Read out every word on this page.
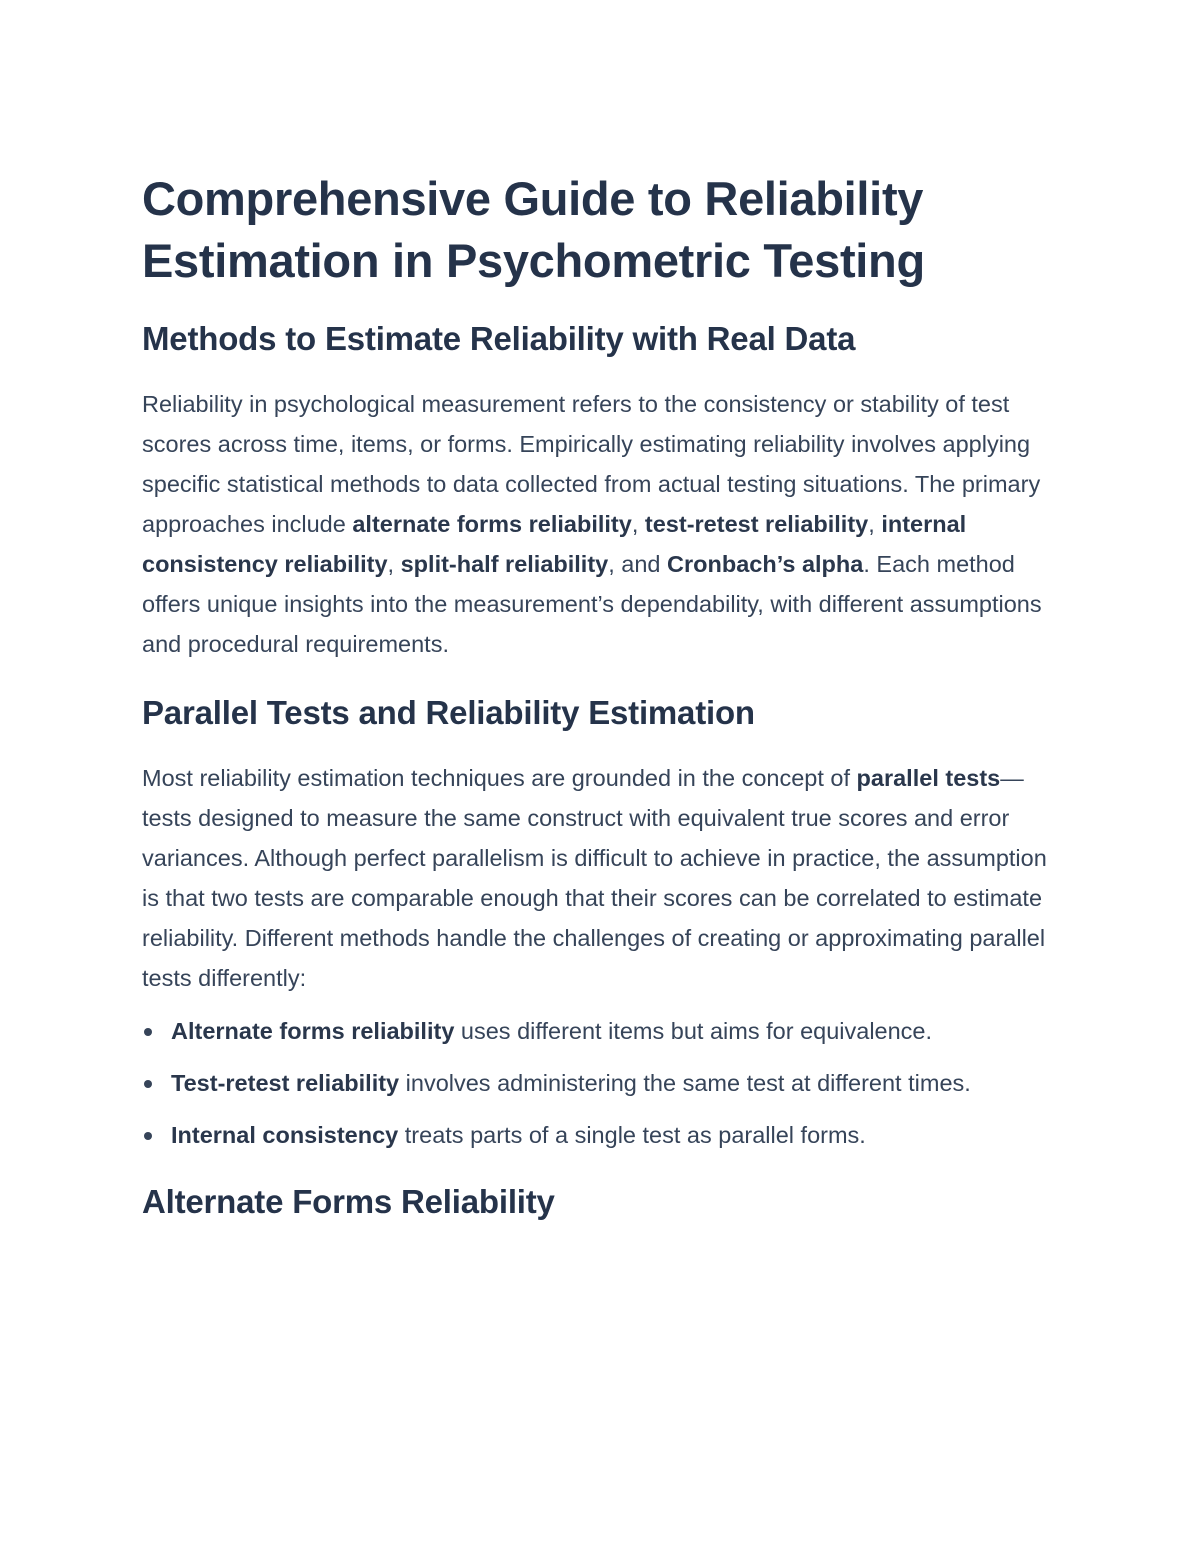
Comprehensive Guide to Reliability Estimation in Psychometric Testing
Methods to Estimate Reliability with Real Data

Reliability in psychological measurement refers to the consistency or stability of test scores across time, items, or forms. Empirically estimating reliability involves applying specific statistical methods to data collected from actual testing situations. The primary approaches include alternate forms reliability, test-retest reliability, internal consistency reliability, split-half reliability, and Cronbach’s alpha. Each method offers unique insights into the measurement’s dependability, with different assumptions and procedural requirements.

Parallel Tests and Reliability Estimation

Most reliability estimation techniques are grounded in the concept of parallel tests—tests designed to measure the same construct with equivalent true scores and error variances. Although perfect parallelism is difficult to achieve in practice, the assumption is that two tests are comparable enough that their scores can be correlated to estimate reliability. Different methods handle the challenges of creating or approximating parallel tests differently:

Alternate forms reliability uses different items but aims for equivalence.
Test-retest reliability involves administering the same test at different times.
Internal consistency treats parts of a single test as parallel forms.
Alternate Forms Reliability
